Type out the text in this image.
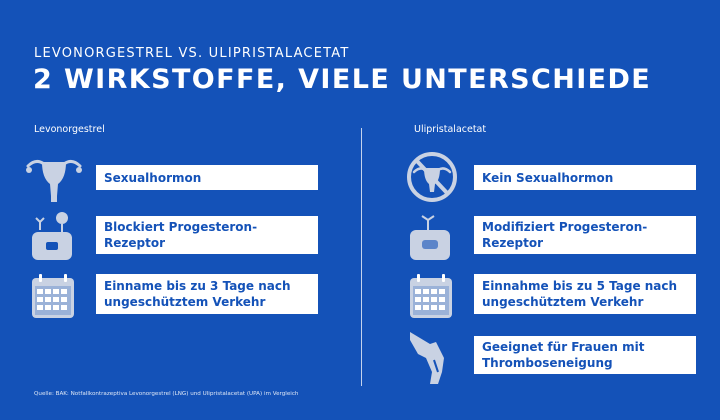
LEVONORGESTREL VS. ULIPRISTALACETAT
2 WIRKSTOFFE, VIELE UNTERSCHIEDE
Levonorgestrel	Ulipristalacetat
Sexualhormon
Blockiert Progesteron-Rezeptor
Einname bis zu 3 Tage nach ungeschütztem Verkehr
Kein Sexualhormon
Modifiziert Progesteron-Rezeptor
Einnahme bis zu 5 Tage nach ungeschütztem Verkehr
Geeignet für Frauen mit Thromboseneigung
Quelle: BAK: Notfallkontrazeptiva Levonorgestrel (LNG) und Ulipristalacetat (UPA) im Vergleich
